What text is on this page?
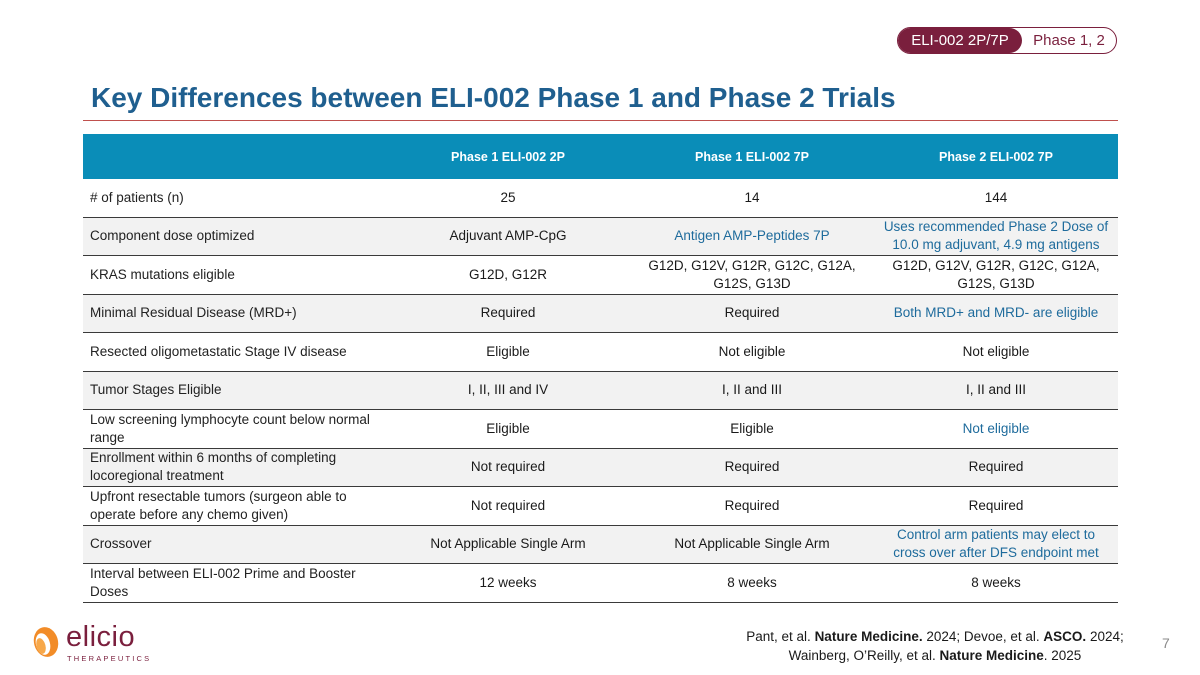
ELI-002 2P/7P	Phase 1, 2
Key Differences between ELI-002 Phase 1 and Phase 2 Trials
	Phase 1 ELI-002 2P	Phase 1 ELI-002 7P	Phase 2 ELI-002 7P
# of patients (n)	25	14	144
Component dose optimized	Adjuvant AMP-CpG	Antigen AMP-Peptides 7P	Uses recommended Phase 2 Dose of 10.0 mg adjuvant, 4.9 mg antigens
KRAS mutations eligible	G12D, G12R	G12D, G12V, G12R, G12C, G12A, G12S, G13D	G12D, G12V, G12R, G12C, G12A, G12S, G13D
Minimal Residual Disease (MRD+)	Required	Required	Both MRD+ and MRD- are eligible
Resected oligometastatic Stage IV disease	Eligible	Not eligible	Not eligible
Tumor Stages Eligible	I, II, III and IV	I, II and III	I, II and III
Low screening lymphocyte count below normal range	Eligible	Eligible	Not eligible
Enrollment within 6 months of completing locoregional treatment	Not required	Required	Required
Upfront resectable tumors (surgeon able to operate before any chemo given)	Not required	Required	Required
Crossover	Not Applicable Single Arm	Not Applicable Single Arm	Control arm patients may elect to cross over after DFS endpoint met
Interval between ELI-002 Prime and Booster Doses	12 weeks	8 weeks	8 weeks
elicio
THERAPEUTICS
Pant, et al. Nature Medicine. 2024; Devoe, et al. ASCO. 2024;
Wainberg, O’Reilly, et al. Nature Medicine. 2025
7
